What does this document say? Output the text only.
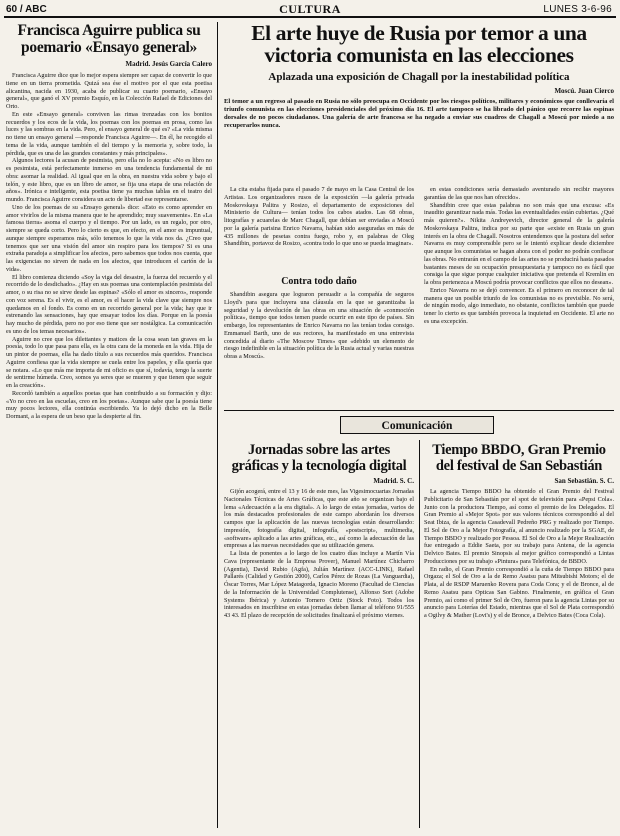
60 / ABC	CULTURA	LUNES 3-6-96
Francisca Aguirre publica su poemario «Ensayo general»
Madrid. Jesús García Calero

Francisca Aguirre dice que lo mejor espera siempre ser capaz de convertir lo que tiene en un tierra prometida. Quizá sea ése el motivo por el que esta poetisa alicantina, nacida en 1930, acaba de publicar su cuarto poemario, «Ensayo general», que ganó el XV premio Esquío, en la Colección Rafael de Ediciones del Orto.

En este «Ensayo general» conviven las rimas trenzadas con los bonitos recuerdos y los ecos de la vida, los poemas con los poemas en prosa, como las luces y las sombras en la vida. Pero, el ensayo general de qué es? «La vida misma no tiene un ensayo general —responde Francisca Aguirre—. En él, he recogido el tema de la vida, aunque también el del tiempo y la memoria y, sobre todo, la pérdida, que es una de las grandes constantes y más principales».

Algunos lectores la acusan de pesimista, pero ella no lo acepta: «No es libro no es pesimista, está perfectamente inmerso en una tendencia fundamental de mi obra: asomar la realidad. Al igual que en la obra, en nuestra vida sobre y bajo el telón, y este libro, que es un libro de amor, se fija una etapa de una relación de años». Irónica e inteligente, esta poetisa tiene ya muchas tablas en el teatro del mundo. Francisca Aguirre considera un acto de libertad ese representarse.

Uno de los poemas de su «Ensayo general» dice: «Esto es como aprender en amor vivirlos de la misma manera que te he aprendido; muy suavemente». En «La famosa tierra» asoma el cuerpo y el tiempo. Por un lado, es un regalo, por otro, siempre se queda corto. Pero lo cierto es que, en efecto, en el amor es impuntual, aunque siempre esperamos más, sólo tenemos lo que la vida nos da. ¿Creo que tenemos que ser una visión del amor sin respiro para los tiempos? Si es una extraña paradoja a simplificar los afectos, pero sabemos que todos nos cuenta, que las exigencias no sirven de nada en los afectos, que introducen el cartón de la vida».

El libro comienza diciendo «Soy la viga del desastre, la fuerza del recuerdo y el recorrido de lo desdichado». ¿Hay en sus poemas una contemplación pesimista del amor, o su risa no se sirve desde las espinas? «Sólo el amor es sincero», responde con voz serena. Es el vivir, es el amor, es el hacer la vida clave que siempre nos quedamos en el fondo. Es como en un recorrido general por la vida; hay que ir estrenando las sensaciones, hay que ensayar todos los días. Porque en la poesía hay mucho de pérdida, pero no por eso tiene que ser nostálgica. La comunicación es uno de los temas necesarios».

Aguirre no cree que los dilettantes y matices de la cosa sean tan graves en la poesía, todo lo que pasa para ella, es la otra cara de la moneda en la vida. Hija de un pintor de poemas, ella ha dado título a sus recuerdos más queridos. Francisca Aguirre confiesa que la vida siempre se cuela entre los papeles, y ella quería que se notara. «Lo que más me importa de mi oficio es que sí, todavía, tengo la suerte de sentirme húmeda. Creo, somos ya seres que se mueren y que tienen que seguir en la creación».

Recordó también a aquellos poetas que han contribuido a su formación y dijo: «Yo no creo en las escuelas, creo en los poetas». Aunque sabe que la poesía tiene muy pocos lectores, ella continúa escribiendo. Ya lo dejó dicho en la Belle Dormant, a la espera de un beso que la despierte al fin.

El arte huye de Rusia por temor a una victoria comunista en las elecciones
Aplazada una exposición de Chagall por la inestabilidad política
Moscú. Juan Cierco
El temor a un regreso al pasado en Rusia no sólo preocupa en Occidente por los riesgos políticos, militares y económicos que conllevaría el triunfo comunista en las elecciones presidenciales del próximo día 16. El arte tampoco se ha librado del pánico que recorre las espinas dorsales de no pocos ciudadanos. Una galería de arte francesa se ha negado a enviar sus cuadros de Chagall a Moscú por miedo a no recuperarlos nunca.

La cita estaba fijada para el pasado 7 de mayo en la Casa Central de los Artistas. Los organizadores rusos de la exposición —la galería privada Moskovskaya Palitra y Rosizo, el departamento de exposiciones del Ministerio de Cultura— tenían todos los cabos atados. Las 68 obras, litografías y acuarelas de Marc Chagall, que debían ser enviadas a Moscú por la galería parisina Enrico Navarra, habían sido aseguradas en más de 435 millones de pesetas contra fuego, robo y, en palabras de Oleg Shandibin, portavoz de Rosizo, «contra todo lo que uno se pueda imaginar».

Contra todo daño

Shandibin asegura que lograron persuadir a la compañía de seguros Lloyd's para que incluyera una cláusula en la que se garantizaba la seguridad y la devolución de las obras en una situación de «conmoción política», tiempo que todos temen puede ocurrir en este tipo de países. Sin embargo, los representantes de Enrico Navarra no las tenían todas consigo. Emmanuel Barth, uno de sus rectores, ha manifestado en una entrevista concedida al diario «The Moscow Times» que «debido un elemento de riesgo indefinible en la situación política de la Rusia actual y varias nuestras obras a Moscú».

en estas condiciones sería demasiado aventurado sin recibir mayores garantías de las que nos han ofrecido».

Shandibin cree que estas palabras no son más que una excusa: «Es inaudito garantizar nada más. Todas las eventualidades están cubiertas. ¿Qué más quieren?». Nikita Andreyevich, director general de la galería Moskovskaya Palitra, indica por su parte que «existe en Rusia un gran interés en la obra de Chagall. Nosotros entendemos que la postura del señor Navarra es muy comprensible pero se le intentó explicar desde diciembre que aunque los comunistas se hagan ahora con el poder no podrán confiscar las obras. No entrarán en el campo de las artes no se producirá hasta pasados bastantes meses de su ocupación presupuestaria y tampoco no es fácil que consiga la que sigue porque cualquier iniciativa que pretenda el Kremlin en la obra pertenezca a Moscú podría provocar conflictos que ellos no desean».

Enrico Navarra no se dejó convencer. Es el primero en reconocer de tal manera que un posible triunfo de los comunistas no es previsible. No será, de ningún modo, algo inmediato, no obstante, conflictos también que puede tener lo cierto es que también provoca la inquietud en Occidente. El arte no es una excepción.

Comunicación
Jornadas sobre las artes gráficas y la tecnología digital
Madrid. S. C.

Gijón acogerá, entre el 13 y 16 de este mes, las Vigesimocuartas Jornadas Nacionales Técnicas de Artes Gráficas, que este año se organizan bajo el lema «Adecuación a la era digital». A lo largo de estas jornadas, varios de los más destacados profesionales de este campo abordarán los diversos campos que la aplicación de las nuevas tecnologías están desarrollando: impresión, fotografía digital, infografía, «postscript», multimedia, «software» aplicado a las artes gráficas, etc., así como la adecuación de las empresas a las nuevas necesidades que su utilización genera.

La lista de ponentes a lo largo de los cuatro días incluye a Martín Vía Cava (representante de la Empresa Prover), Manuel Martínez Chicharro (Agentia), David Rubio (Agfa), Julián Martínez (ACC-LINK), Rafael Pallarés (Calidad y Gestión 2000), Carlos Pérez de Rozas (La Vanguardia), Óscar Torres, Mar López Matagorda, Ignacio Moreno (Facultad de Ciencias de la Información de la Universidad Complutense), Alfonso Sort (Adobe Systems Ibérica) y Antonio Tornero Ortiz (Stock Foto). Todos los interesados en inscribirse en estas jornadas deben llamar al teléfono 91/555 43 43. El plazo de recepción de solicitudes finalizará el próximo viernes.

Tiempo BBDO, Gran Premio del festival de San Sebastián
San Sebastián. S. C.

La agencia Tiempo BBDO ha obtenido el Gran Premio del Festival Publicitario de San Sebastián por el spot de televisión para «Pepsi Cola». Junto con la productora Tiempo, así como el premio de los Delegados. El Gran Premio al «Mejor Spot» por sus valores técnicos correspondió al del Seat Ibiza, de la agencia Casadevall Pedreño PRG y realizado por Tiempo. El Sol de Oro a la Mejor Fotografía, al anuncio realizado por la SGAE, de Tiempo BBDO y realizado por Pessoa. El Sol de Oro a la Mejor Realización fue entregado a Eddie Saeta, por su trabajo para Antena, de la agencia Delvico Bates. El premio Sinopsis al mejor gráfico correspondió a Lintas Producciones por su trabajo «Pintura» para Telefónica, de BBDO.

En radio, el Gran Premio correspondió a la cuña de Tiempo BBDO para Orgaza; el Sol de Oro a la de Remo Asatsu para Mitsubishi Motors; el de Plata, al de RSDP Maruenko Rovera para Coda Cora; y el de Bronce, al de Remo Asatsu para Opticas San Gabino. Finalmente, en gráfica el Gran Premio, así como el primer Sol de Oro, fueron para la agencia Lintas por su anuncio para Loterías del Estado, mientras que el Sol de Plata correspondió a Ogilvy & Mather (Lovi's) y el de Bronce, a Delvico Bates (Coca Cola).
